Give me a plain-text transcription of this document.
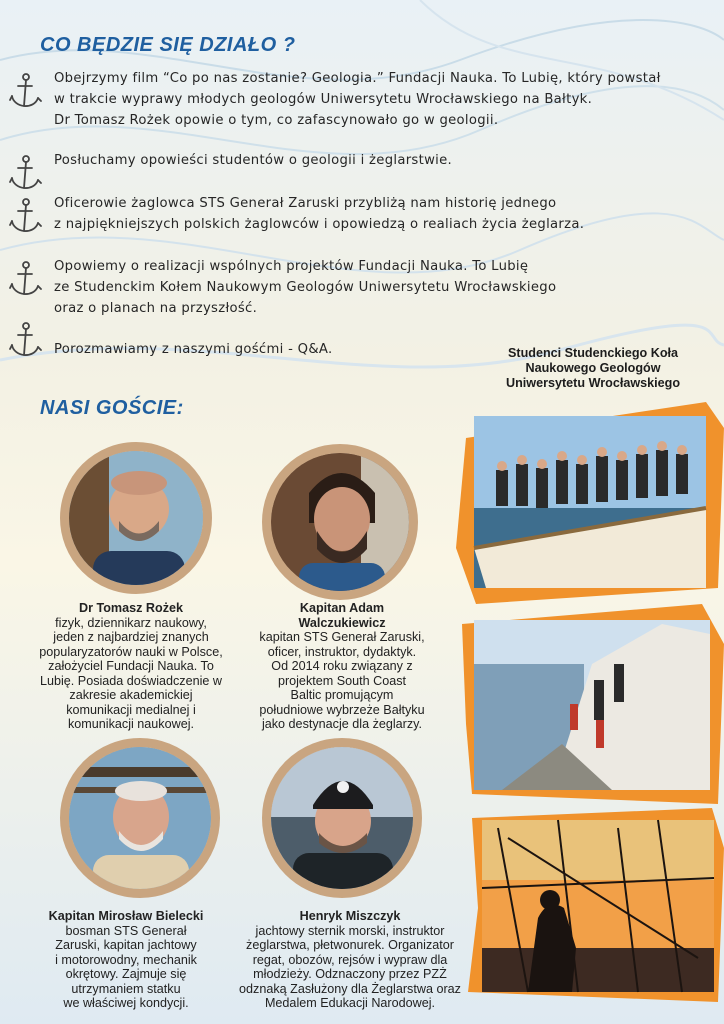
CO BĘDZIE SIĘ DZIAŁO ?
Obejrzymy film “Co po nas zostanie? Geologia.” Fundacji Nauka. To Lubię, który powstał
w trakcie wyprawy młodych geologów Uniwersytetu Wrocławskiego na Bałtyk.
Dr Tomasz Rożek opowie o tym, co zafascynowało go w geologii.
Posłuchamy opowieści studentów o geologii i żeglarstwie.
Oficerowie żaglowca STS Generał Zaruski przybliżą nam historię jednego
z najpiękniejszych polskich żaglowców i opowiedzą o realiach życia żeglarza.
Opowiemy o realizacji wspólnych projektów Fundacji Nauka. To Lubię
ze Studenckim Kołem Naukowym Geologów Uniwersytetu Wrocławskiego
oraz o planach na przyszłość.
Porozmawiamy z naszymi gośćmi - Q&A.
NASI GOŚCIE:
Dr Tomasz Rożek
fizyk, dziennikarz naukowy,
jeden z najbardziej znanych
popularyzatorów nauki w Polsce,
założyciel Fundacji Nauka. To
Lubię. Posiada doświadczenie w
zakresie akademickiej
komunikacji medialnej i
komunikacji naukowej.
Kapitan Adam
Walczukiewicz
kapitan STS Generał Zaruski,
oficer, instruktor, dydaktyk.
Od 2014 roku związany z
projektem South Coast
Baltic promującym
południowe wybrzeże Bałtyku
jako destynacje dla żeglarzy.
Kapitan Mirosław Bielecki
bosman STS Generał
Zaruski, kapitan jachtowy
i motorowodny, mechanik
okrętowy. Zajmuje się
utrzymaniem statku
we właściwej kondycji.
Henryk Miszczyk
jachtowy sternik morski, instruktor
żeglarstwa, płetwonurek. Organizator
regat, obozów, rejsów i wypraw dla
młodzieży. Odznaczony przez PZŻ
odznaką Zasłużony dla Żeglarstwa oraz
Medalem Edukacji Narodowej.
Studenci Studenckiego Koła
Naukowego Geologów
Uniwersytetu Wrocławskiego
